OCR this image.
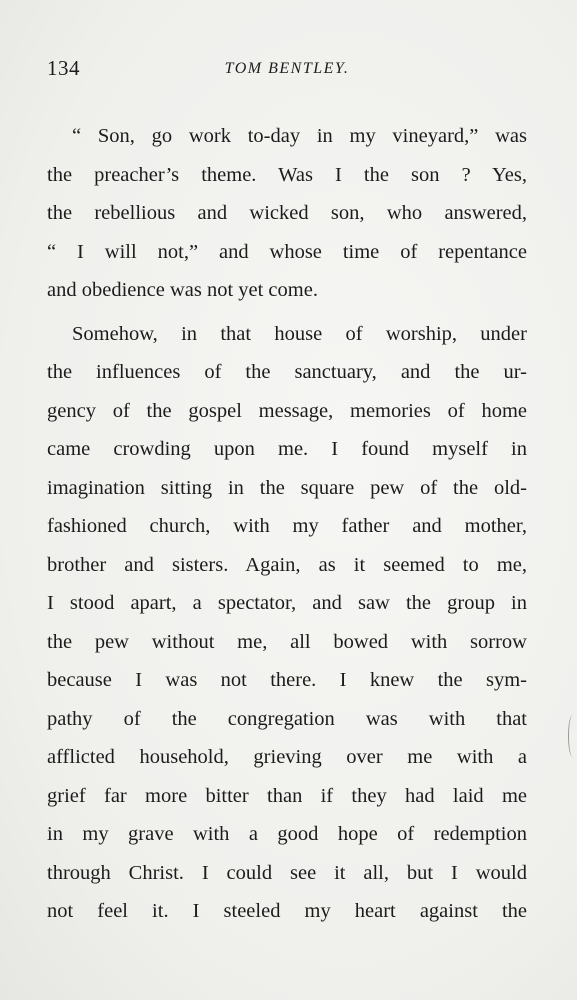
134	TOM BENTLEY.
“ Son, go work to-day in my vineyard,” was
the preacher’s theme. Was I the son ? Yes,
the rebellious and wicked son, who answered,
“ I will not,” and whose time of repentance
and obedience was not yet come.
Somehow, in that house of worship, under
the influences of the sanctuary, and the ur-
gency of the gospel message, memories of home
came crowding upon me. I found myself in
imagination sitting in the square pew of the old-
fashioned church, with my father and mother,
brother and sisters. Again, as it seemed to me,
I stood apart, a spectator, and saw the group in
the pew without me, all bowed with sorrow
because I was not there. I knew the sym-
pathy of the congregation was with that
afflicted household, grieving over me with a
grief far more bitter than if they had laid me
in my grave with a good hope of redemption
through Christ. I could see it all, but I would
not feel it. I steeled my heart against the
